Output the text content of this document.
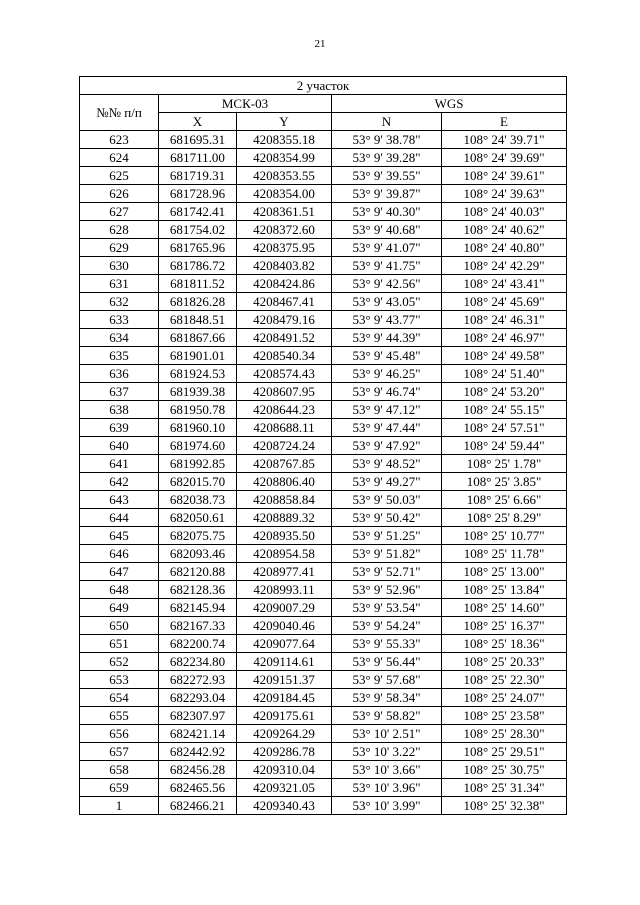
21
2 участок				
№№ п/п	МСК-03		WGS	
	X	Y	N	E
623	681695.31	4208355.18	53° 9' 38.78"	108° 24' 39.71"
624	681711.00	4208354.99	53° 9' 39.28"	108° 24' 39.69"
625	681719.31	4208353.55	53° 9' 39.55"	108° 24' 39.61"
626	681728.96	4208354.00	53° 9' 39.87"	108° 24' 39.63"
627	681742.41	4208361.51	53° 9' 40.30"	108° 24' 40.03"
628	681754.02	4208372.60	53° 9' 40.68"	108° 24' 40.62"
629	681765.96	4208375.95	53° 9' 41.07"	108° 24' 40.80"
630	681786.72	4208403.82	53° 9' 41.75"	108° 24' 42.29"
631	681811.52	4208424.86	53° 9' 42.56"	108° 24' 43.41"
632	681826.28	4208467.41	53° 9' 43.05"	108° 24' 45.69"
633	681848.51	4208479.16	53° 9' 43.77"	108° 24' 46.31"
634	681867.66	4208491.52	53° 9' 44.39"	108° 24' 46.97"
635	681901.01	4208540.34	53° 9' 45.48"	108° 24' 49.58"
636	681924.53	4208574.43	53° 9' 46.25"	108° 24' 51.40"
637	681939.38	4208607.95	53° 9' 46.74"	108° 24' 53.20"
638	681950.78	4208644.23	53° 9' 47.12"	108° 24' 55.15"
639	681960.10	4208688.11	53° 9' 47.44"	108° 24' 57.51"
640	681974.60	4208724.24	53° 9' 47.92"	108° 24' 59.44"
641	681992.85	4208767.85	53° 9' 48.52"	108° 25' 1.78"
642	682015.70	4208806.40	53° 9' 49.27"	108° 25' 3.85"
643	682038.73	4208858.84	53° 9' 50.03"	108° 25' 6.66"
644	682050.61	4208889.32	53° 9' 50.42"	108° 25' 8.29"
645	682075.75	4208935.50	53° 9' 51.25"	108° 25' 10.77"
646	682093.46	4208954.58	53° 9' 51.82"	108° 25' 11.78"
647	682120.88	4208977.41	53° 9' 52.71"	108° 25' 13.00"
648	682128.36	4208993.11	53° 9' 52.96"	108° 25' 13.84"
649	682145.94	4209007.29	53° 9' 53.54"	108° 25' 14.60"
650	682167.33	4209040.46	53° 9' 54.24"	108° 25' 16.37"
651	682200.74	4209077.64	53° 9' 55.33"	108° 25' 18.36"
652	682234.80	4209114.61	53° 9' 56.44"	108° 25' 20.33"
653	682272.93	4209151.37	53° 9' 57.68"	108° 25' 22.30"
654	682293.04	4209184.45	53° 9' 58.34"	108° 25' 24.07"
655	682307.97	4209175.61	53° 9' 58.82"	108° 25' 23.58"
656	682421.14	4209264.29	53° 10' 2.51"	108° 25' 28.30"
657	682442.92	4209286.78	53° 10' 3.22"	108° 25' 29.51"
658	682456.28	4209310.04	53° 10' 3.66"	108° 25' 30.75"
659	682465.56	4209321.05	53° 10' 3.96"	108° 25' 31.34"
1	682466.21	4209340.43	53° 10' 3.99"	108° 25' 32.38"
